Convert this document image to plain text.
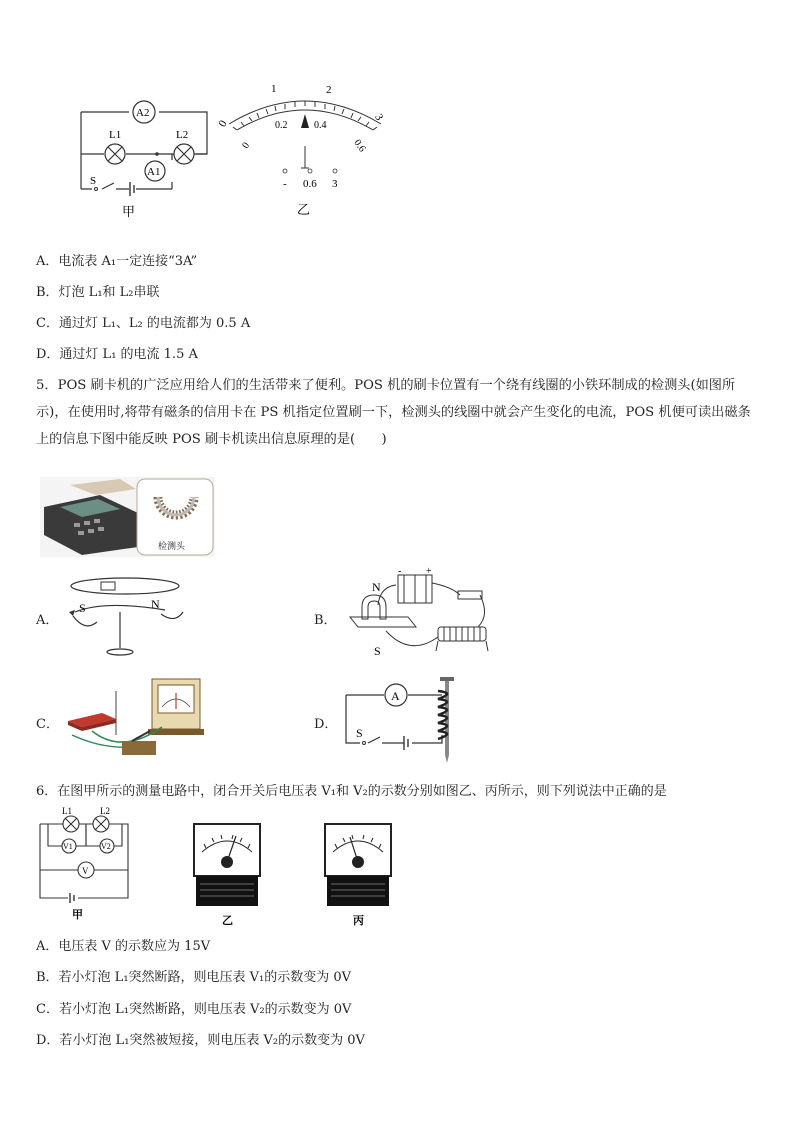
A2
L1	L2
A1
S
甲
0
1	2
3
0
0.2	0.4
0.6
- 0.6 3
乙
A．电流表 A₁一定连接“3A”
B．灯泡 L₁和 L₂串联
C．通过灯 L₁、L₂ 的电流都为 0.5 A
D．通过灯 L₁ 的电流 1.5 A
5．POS 刷卡机的广泛应用给人们的生活带来了便利。POS 机的刷卡位置有一个绕有线圈的小铁环制成的检测头(如图所示)，在使用时,将带有磁条的信用卡在 PS 机指定位置刷一下，检测头的线圈中就会产生变化的电流，POS 机便可读出磁条上的信息下图中能反映 POS 刷卡机读出信息原理的是(　　)
检测头
A．	B．
C．	D．
S	N
- +
N
S
A
S
6．在图甲所示的测量电路中，闭合开关后电压表 V₁和 V₂的示数分别如图乙、丙所示，则下列说法中正确的是
L1	L2
V1	V2
V
甲	乙	丙
A．电压表 V 的示数应为 15V
B．若小灯泡 L₁突然断路，则电压表 V₁的示数变为 0V
C．若小灯泡 L₁突然断路，则电压表 V₂的示数变为 0V
D．若小灯泡 L₁突然被短接，则电压表 V₂的示数变为 0V
